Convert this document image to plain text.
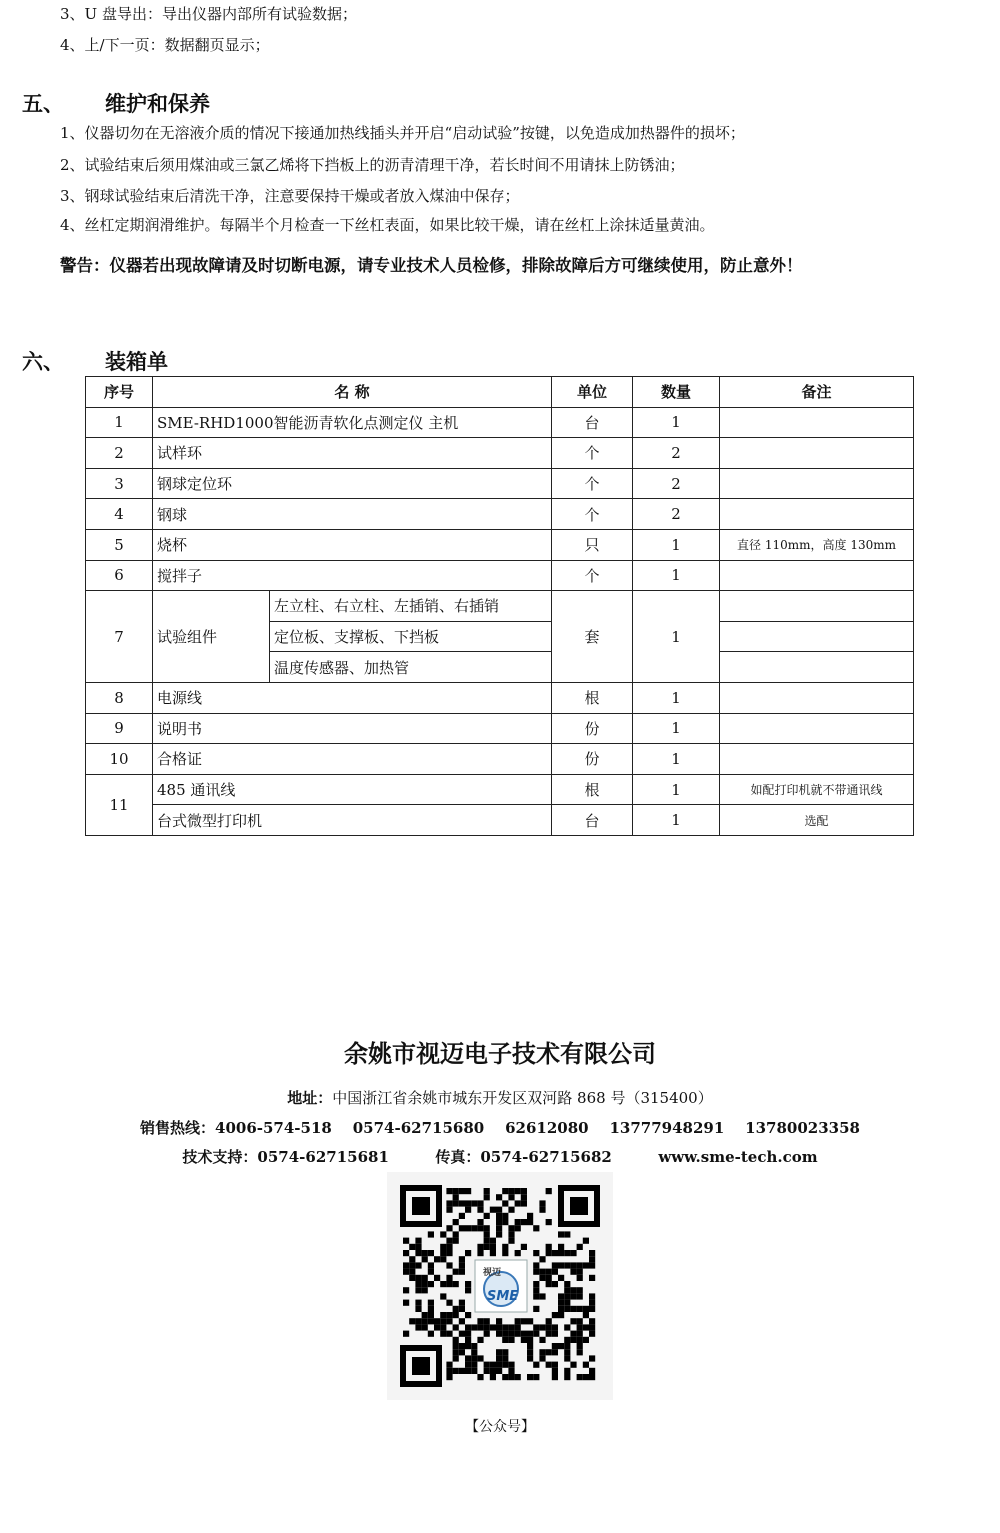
3、U 盘导出：导出仪器内部所有试验数据；
4、上/下一页：数据翻页显示；
五、 维护和保养
1、仪器切勿在无溶液介质的情况下接通加热线插头并开启“启动试验”按键，以免造成加热器件的损坏；
2、试验结束后须用煤油或三氯乙烯将下挡板上的沥青清理干净，若长时间不用请抹上防锈油；
3、钢球试验结束后清洗干净，注意要保持干燥或者放入煤油中保存；
4、丝杠定期润滑维护。每隔半个月检查一下丝杠表面，如果比较干燥，请在丝杠上涂抹适量黄油。
警告：仪器若出现故障请及时切断电源，请专业技术人员检修，排除故障后方可继续使用，防止意外！
六、 装箱单
序号	名 称		单位	数量	备注
1	SME-RHD1000智能沥青软化点测定仪 主机		台	1	
2	试样环		个	2	
3	钢球定位环		个	2	
4	钢球		个	2	
5	烧杯		只	1	直径 110mm，高度 130mm
6	搅拌子		个	1	
7	试验组件	左立柱、右立柱、左插销、右插销	套	1	
		定位板、支撑板、下挡板			
		温度传感器、加热管			
8	电源线		根	1	
9	说明书		份	1	
10	合格证		份	1	
11	485 通讯线		根	1	如配打印机就不带通讯线
	台式微型打印机		台	1	选配
余姚市视迈电子技术有限公司
地址：中国浙江省余姚市城东开发区双河路 868 号（315400）
销售热线：4006-574-518    0574-62715680    62612080    13777948291    13780023358
技术支持：0574-62715681	传真：0574-62715682	www.sme-tech.com
视迈
SME
【公众号】
